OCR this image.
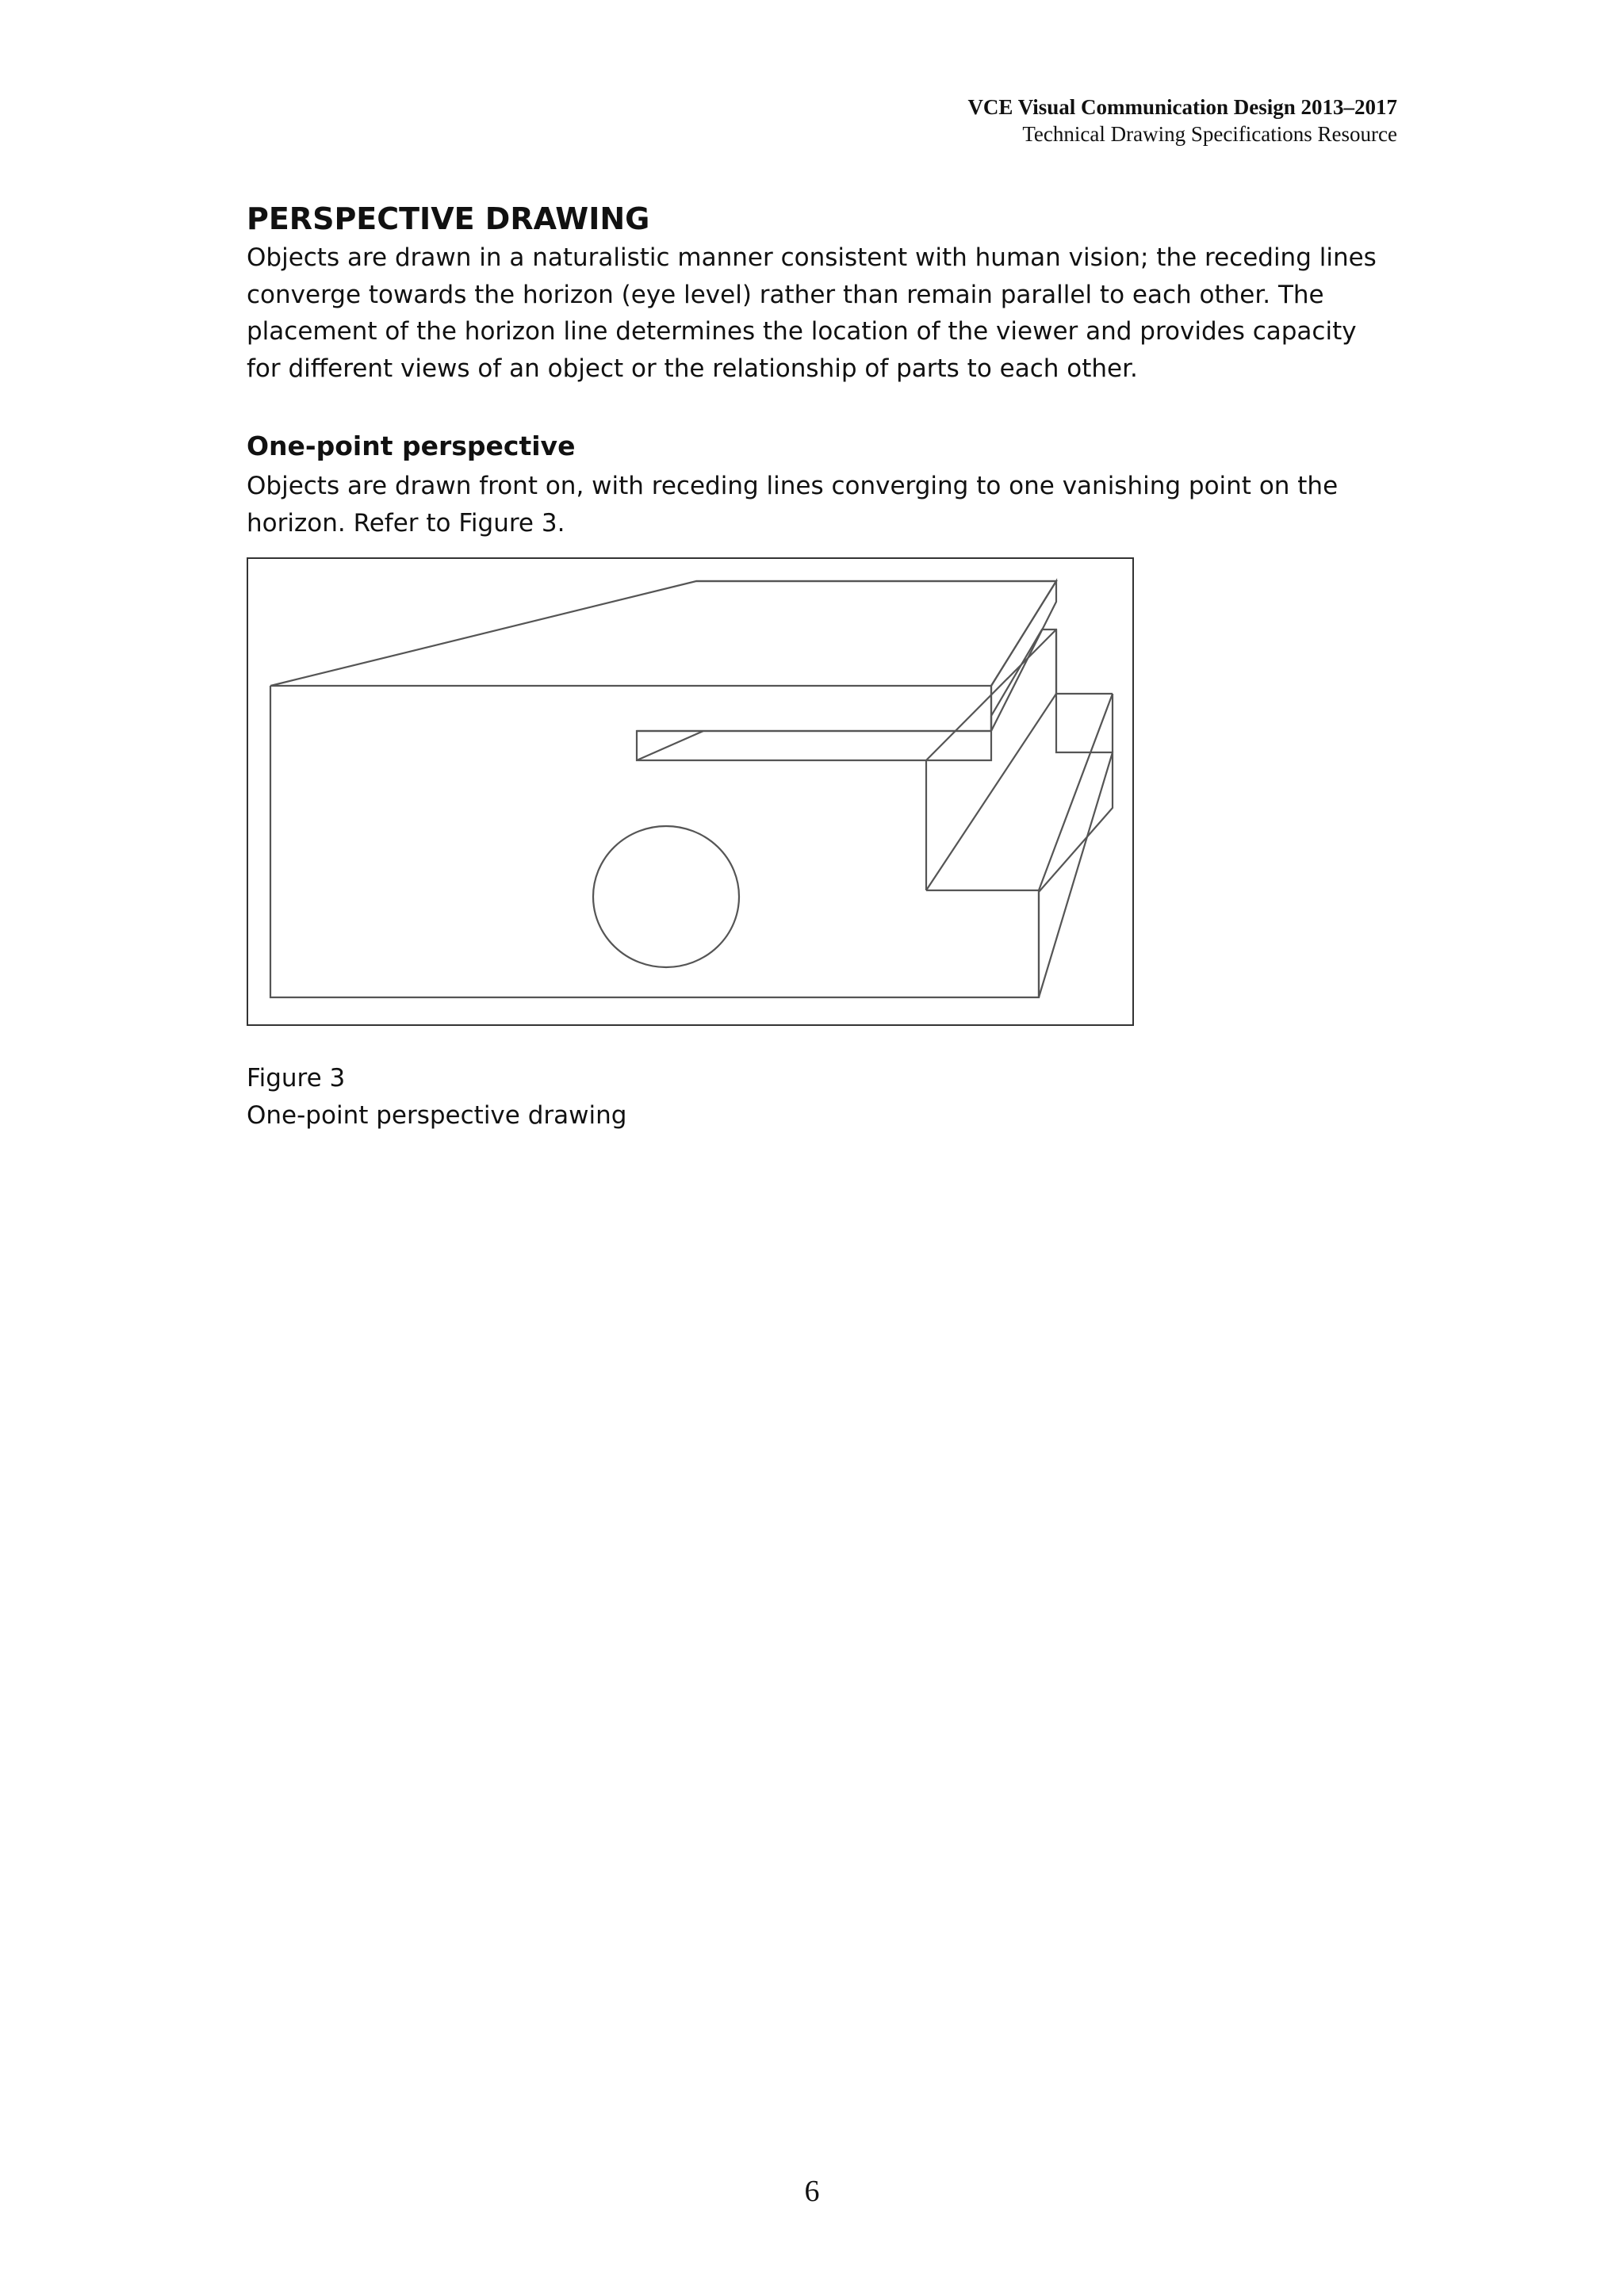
VCE Visual Communication Design 2013–2017
Technical Drawing Specifications Resource
PERSPECTIVE DRAWING
Objects are drawn in a naturalistic manner consistent with human vision; the receding lines
converge towards the horizon (eye level) rather than remain parallel to each other. The
placement of the horizon line determines the location of the viewer and provides capacity
for different views of an object or the relationship of parts to each other.
One-point perspective
Objects are drawn front on, with receding lines converging to one vanishing point on the
horizon. Refer to Figure 3.
Figure 3
One-point perspective drawing
6
